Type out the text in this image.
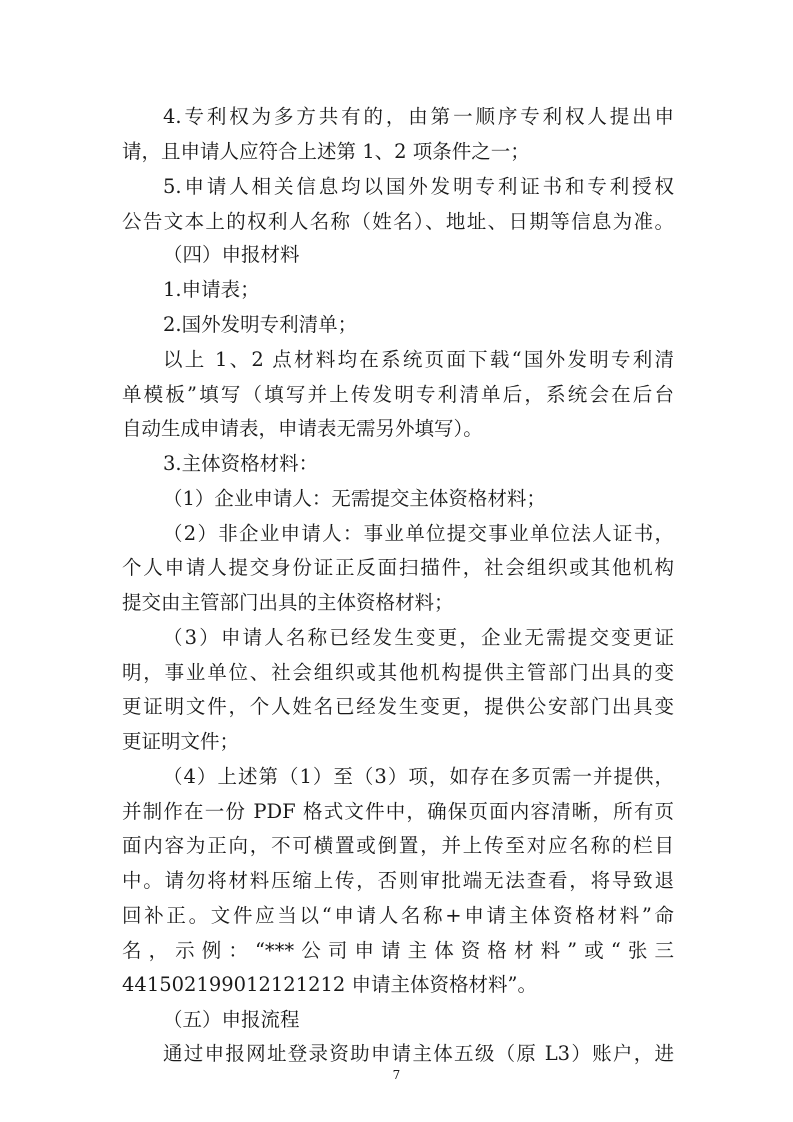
4.专利权为多方共有的，由第一顺序专利权人提出申
请，且申请人应符合上述第 1、2 项条件之一；
5.申请人相关信息均以国外发明专利证书和专利授权
公告文本上的权利人名称（姓名）、地址、日期等信息为准。
（四）申报材料
1.申请表；
2.国外发明专利清单；
以上 1、2 点材料均在系统页面下载“国外发明专利清
单模板”填写（填写并上传发明专利清单后，系统会在后台
自动生成申请表，申请表无需另外填写）。
3.主体资格材料：
（1）企业申请人：无需提交主体资格材料；
（2）非企业申请人：事业单位提交事业单位法人证书，
个人申请人提交身份证正反面扫描件，社会组织或其他机构
提交由主管部门出具的主体资格材料；
（3）申请人名称已经发生变更，企业无需提交变更证
明，事业单位、社会组织或其他机构提供主管部门出具的变
更证明文件，个人姓名已经发生变更，提供公安部门出具变
更证明文件；
（4）上述第（1）至（3）项，如存在多页需一并提供，
并制作在一份 PDF 格式文件中，确保页面内容清晰，所有页
面内容为正向，不可横置或倒置，并上传至对应名称的栏目
中。请勿将材料压缩上传，否则审批端无法查看，将导致退
回补正。文件应当以“申请人名称+申请主体资格材料”命
名，示例：“***公司申请主体资格材料”或“张三
441502199012121212 申请主体资格材料”。
（五）申报流程
通过申报网址登录资助申请主体五级（原 L3）账户，进
7
